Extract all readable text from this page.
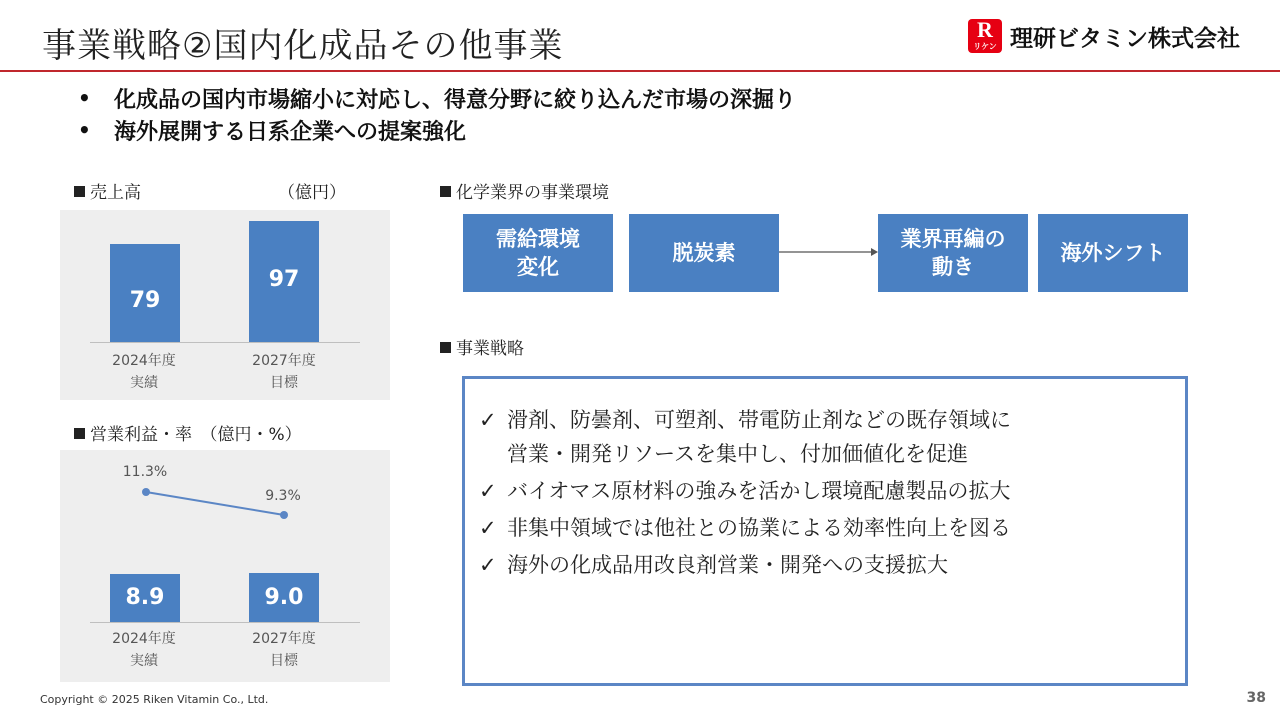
事業戦略②国内化成品その他事業	R
リケン 理研ビタミン株式会社
•	化成品の国内市場縮小に対応し、得意分野に絞り込んだ市場の深掘り
•	海外展開する日系企業への提案強化
売上高	（億円）
79
97
2024年度
実績
2027年度
目標
営業利益・率　（億円・%）
11.3%
9.3%
8.9	9.0
2024年度
実績
2027年度
目標
化学業界の事業環境
需給環境
変化
脱炭素
業界再編の
動き
海外シフト
事業戦略
✓ 滑剤、防曇剤、可塑剤、帯電防止剤などの既存領域に
営業・開発リソースを集中し、付加価値化を促進
✓ バイオマス原材料の強みを活かし環境配慮製品の拡大
✓ 非集中領域では他社との協業による効率性向上を図る
✓ 海外の化成品用改良剤営業・開発への支援拡大
Copyright © 2025 Riken Vitamin Co., Ltd.	38
